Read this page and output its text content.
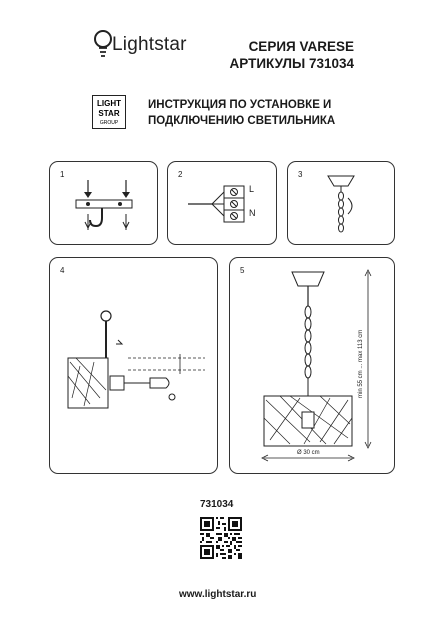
Lightstar	СЕРИЯ VARESE
АРТИКУЛЫ 731034
LIGHT
STAR
GROUP
ИНСТРУКЦИЯ ПО УСТАНОВКЕ И
ПОДКЛЮЧЕНИЮ СВЕТИЛЬНИКА
1	2
L
N
3
4	5
min 55 cm ... max 113 cm
Ø 30 cm
731034
www.lightstar.ru
